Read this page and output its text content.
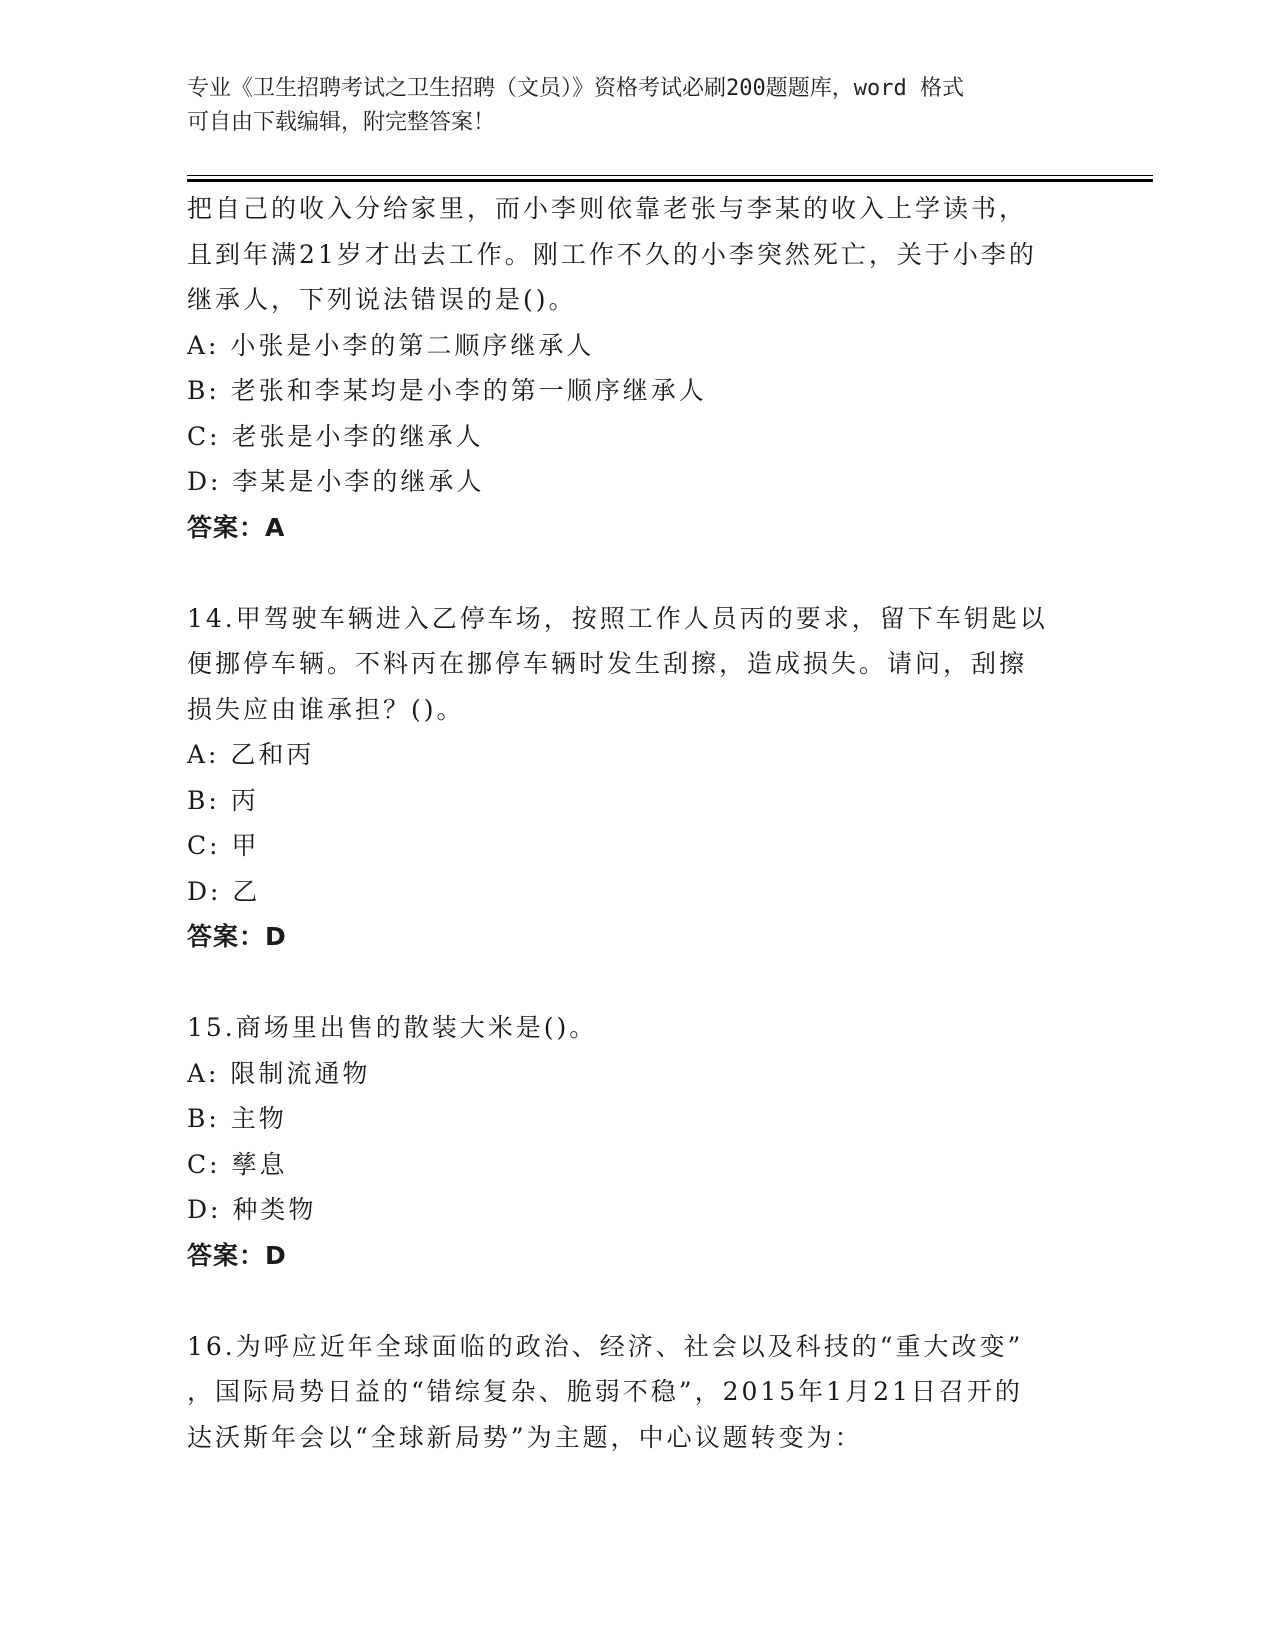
专业《卫生招聘考试之卫生招聘（文员）》资格考试必刷200题题库，word 格式
可自由下载编辑，附完整答案！
把自己的收入分给家里，而小李则依靠老张与李某的收入上学读书，
且到年满21岁才出去工作。刚工作不久的小李突然死亡，关于小李的
继承人，下列说法错误的是()。
A: 小张是小李的第二顺序继承人
B: 老张和李某均是小李的第一顺序继承人
C: 老张是小李的继承人
D: 李某是小李的继承人
答案：A
14.甲驾驶车辆进入乙停车场，按照工作人员丙的要求，留下车钥匙以
便挪停车辆。不料丙在挪停车辆时发生刮擦，造成损失。请问，刮擦
损失应由谁承担？()。
A: 乙和丙
B: 丙
C: 甲
D: 乙
答案：D
15.商场里出售的散装大米是()。
A: 限制流通物
B: 主物
C: 孳息
D: 种类物
答案：D
16.为呼应近年全球面临的政治、经济、社会以及科技的“重大改变”
，国际局势日益的“错综复杂、脆弱不稳”，2015年1月21日召开的
达沃斯年会以“全球新局势”为主题，中心议题转变为：
